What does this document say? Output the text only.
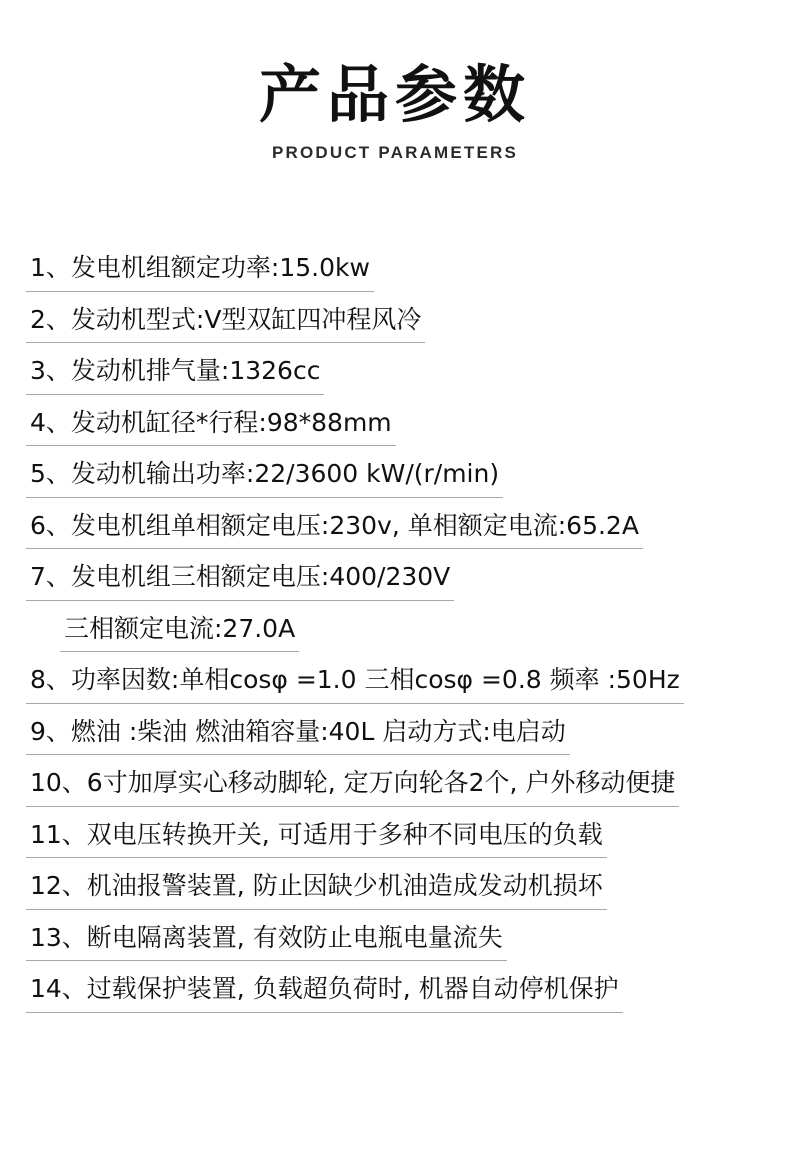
产品参数
PRODUCT PARAMETERS
1、发电机组额定功率:15.0kw
2、发动机型式:V型双缸四冲程风冷
3、发动机排气量:1326cc
4、发动机缸径*行程:98*88mm
5、发动机输出功率:22/3600 kW/(r/min)
6、发电机组单相额定电压:230v, 单相额定电流:65.2A
7、发电机组三相额定电压:400/230V
三相额定电流:27.0A
8、功率因数:单相cosφ =1.0 三相cosφ =0.8 频率 :50Hz
9、燃油 :柴油 燃油箱容量:40L 启动方式:电启动
10、6寸加厚实心移动脚轮, 定万向轮各2个, 户外移动便捷
11、双电压转换开关, 可适用于多种不同电压的负载
12、机油报警装置, 防止因缺少机油造成发动机损坏
13、断电隔离装置, 有效防止电瓶电量流失
14、过载保护装置, 负载超负荷时, 机器自动停机保护
